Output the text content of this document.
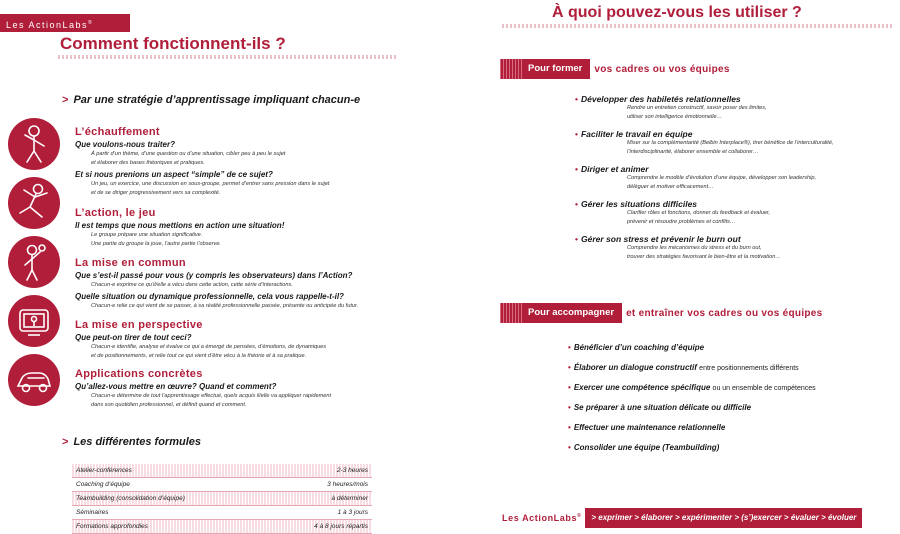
Les ActionLabs®
Comment fonctionnent-ils ?
> Par une stratégie d’apprentissage impliquant chacun-e
L’échauffement

Que voulons-nous traiter?

À partir d’un thème, d’une question ou d’une situation, cibler peu à peu le sujet
et élaborer des bases théoriques et pratiques.

Et si nous prenions un aspect “simple” de ce sujet?

Un jeu, un exercice, une discussion en sous-groupe, permet d’entrer sans pression dans le sujet
et de se diriger progressivement vers sa complexité.

L’action, le jeu

Il est temps que nous mettions en action une situation!

Le groupe prépare une situation significative.
Une partie du groupe la joue, l’autre partie l’observe.

La mise en commun

Que s’est-il passé pour vous (y compris les observateurs) dans l’Action?

Chacun-e exprime ce qu’il/elle a vécu dans cette action, cette série d’interactions.

Quelle situation ou dynamique professionnelle, cela vous rappelle-t-il?

Chacun-e relie ce qui vient de se passer, à sa réalité professionnelle passée, présente ou anticipée du futur.

La mise en perspective

Que peut-on tirer de tout ceci?

Chacun-e identifie, analyse et évalue ce qui a émergé de pensées, d’émotions, de dynamiques
et de positionnements, et relie tout ce qui vient d’être vécu à la théorie et à sa pratique.

Applications concrètes

Qu’allez-vous mettre en œuvre? Quand et comment?

Chacun-e détermine de tout l’apprentissage effectué, quels acquis il/elle va appliquer rapidement
dans son quotidien professionnel, et définit quand et comment.

> Les différentes formules
Atelier-conférences	2-3 heures
Coaching d’équipe	3 heures/mois
Teambuilding (consolidation d’équipe)	à déterminer
Séminaires	1 à 3 jours
Formations approfondies	4 à 8 jours répartis
À quoi pouvez-vous les utiliser ?
Pour former	vos cadres ou vos équipes
• Développer des habiletés relationnelles
Rendre un entretien constructif, savoir poser des limites,
utiliser son intelligence émotionnelle…
• Faciliter le travail en équipe
Miser sur la complémentarité (Belbin Interplace®), tirer bénéfice de l’interculturalité,
l’interdisciplinarité, élaborer ensemble et collaborer…
• Diriger et animer
Comprendre le modèle d’évolution d’une équipe, développer son leadership,
déléguer et motiver efficacement…
• Gérer les situations difficiles
Clarifier rôles et fonctions, donner du feedback et évaluer,
prévenir et résoudre problèmes et conflits…
• Gérer son stress et prévenir le burn out
Comprendre les mécanismes du stress et du burn out,
trouver des stratégies favorisant le bien-être et la motivation…
Pour accompagner	et entraîner vos cadres ou vos équipes
• Bénéficier d’un coaching d’équipe
• Élaborer un dialogue constructif entre positionnements différents
• Exercer une compétence spécifique ou un ensemble de compétences
• Se préparer à une situation délicate ou difficile
• Effectuer une maintenance relationnelle
• Consolider une équipe (Teambuilding)
Les ActionLabs®	> exprimer > élaborer > expérimenter > (s’)exercer > évaluer > évoluer
